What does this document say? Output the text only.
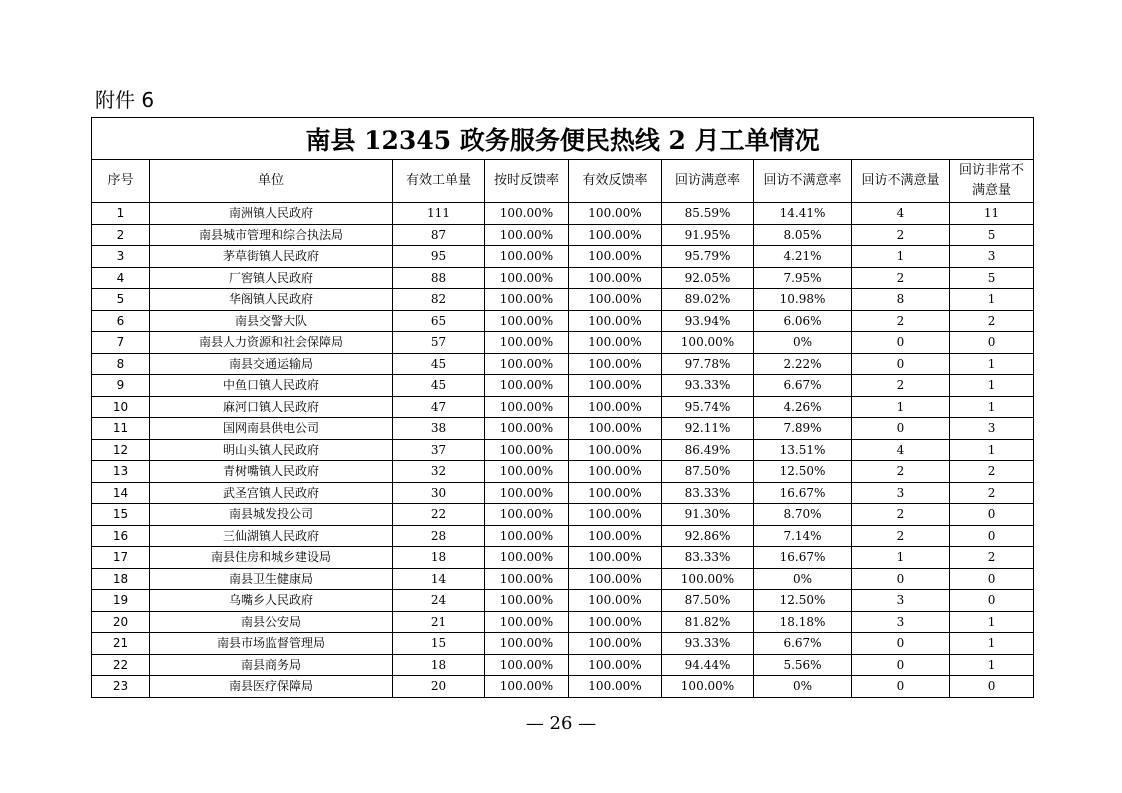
附件 6
南县 12345 政务服务便民热线 2 月工单情况								
序号	单位	有效工单量	按时反馈率	有效反馈率	回访满意率	回访不满意率	回访不满意量	回访非常不满意量
1	南洲镇人民政府	111	100.00%	100.00%	85.59%	14.41%	4	11
2	南县城市管理和综合执法局	87	100.00%	100.00%	91.95%	8.05%	2	5
3	茅草街镇人民政府	95	100.00%	100.00%	95.79%	4.21%	1	3
4	厂窖镇人民政府	88	100.00%	100.00%	92.05%	7.95%	2	5
5	华阁镇人民政府	82	100.00%	100.00%	89.02%	10.98%	8	1
6	南县交警大队	65	100.00%	100.00%	93.94%	6.06%	2	2
7	南县人力资源和社会保障局	57	100.00%	100.00%	100.00%	0%	0	0
8	南县交通运输局	45	100.00%	100.00%	97.78%	2.22%	0	1
9	中鱼口镇人民政府	45	100.00%	100.00%	93.33%	6.67%	2	1
10	麻河口镇人民政府	47	100.00%	100.00%	95.74%	4.26%	1	1
11	国网南县供电公司	38	100.00%	100.00%	92.11%	7.89%	0	3
12	明山头镇人民政府	37	100.00%	100.00%	86.49%	13.51%	4	1
13	青树嘴镇人民政府	32	100.00%	100.00%	87.50%	12.50%	2	2
14	武圣宫镇人民政府	30	100.00%	100.00%	83.33%	16.67%	3	2
15	南县城发投公司	22	100.00%	100.00%	91.30%	8.70%	2	0
16	三仙湖镇人民政府	28	100.00%	100.00%	92.86%	7.14%	2	0
17	南县住房和城乡建设局	18	100.00%	100.00%	83.33%	16.67%	1	2
18	南县卫生健康局	14	100.00%	100.00%	100.00%	0%	0	0
19	乌嘴乡人民政府	24	100.00%	100.00%	87.50%	12.50%	3	0
20	南县公安局	21	100.00%	100.00%	81.82%	18.18%	3	1
21	南县市场监督管理局	15	100.00%	100.00%	93.33%	6.67%	0	1
22	南县商务局	18	100.00%	100.00%	94.44%	5.56%	0	1
23	南县医疗保障局	20	100.00%	100.00%	100.00%	0%	0	0
— 26 —
